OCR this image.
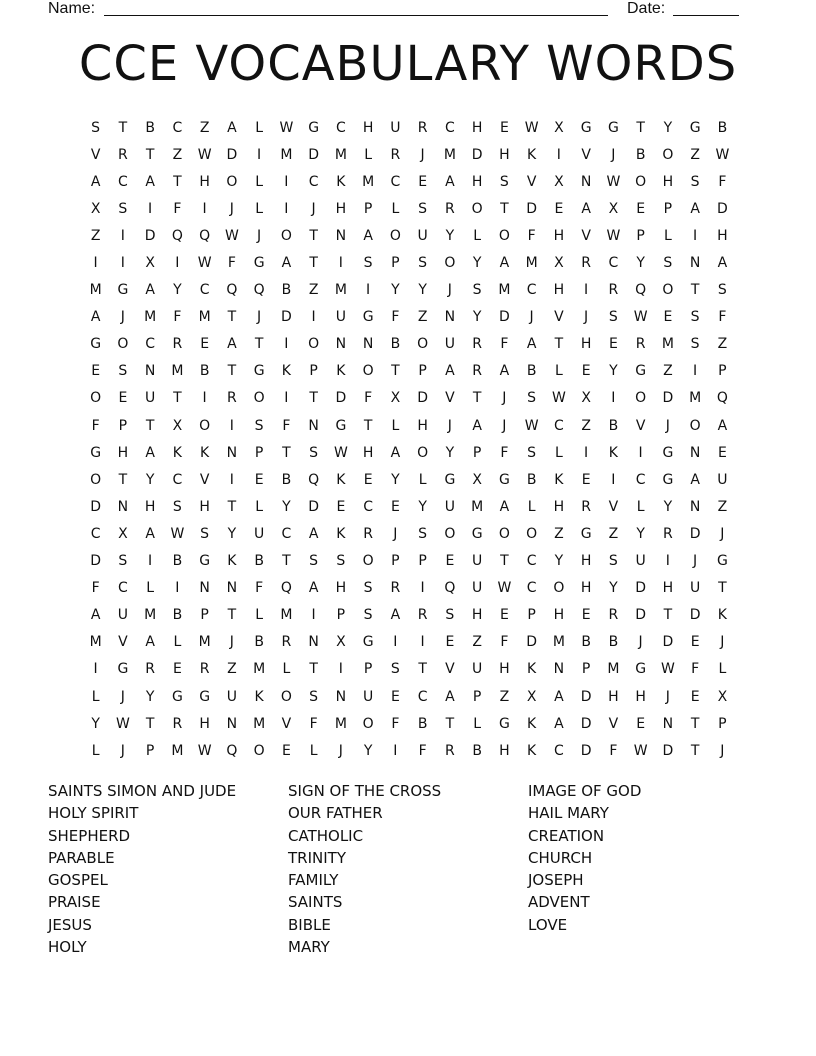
Name:	Date:
CCE VOCABULARY WORDS
S	T	B	C	Z	A	L	W	G	C	H	U	R	C	H	E	W	X	G	G	T	Y	G	B
V	R	T	Z	W	D	I	M	D	M	L	R	J	M	D	H	K	I	V	J	B	O	Z	W
A	C	A	T	H	O	L	I	C	K	M	C	E	A	H	S	V	X	N	W	O	H	S	F
X	S	I	F	I	J	L	I	J	H	P	L	S	R	O	T	D	E	A	X	E	P	A	D
Z	I	D	Q	Q	W	J	O	T	N	A	O	U	Y	L	O	F	H	V	W	P	L	I	H
I	I	X	I	W	F	G	A	T	I	S	P	S	O	Y	A	M	X	R	C	Y	S	N	A
M	G	A	Y	C	Q	Q	B	Z	M	I	Y	Y	J	S	M	C	H	I	R	Q	O	T	S
A	J	M	F	M	T	J	D	I	U	G	F	Z	N	Y	D	J	V	J	S	W	E	S	F
G	O	C	R	E	A	T	I	O	N	N	B	O	U	R	F	A	T	H	E	R	M	S	Z
E	S	N	M	B	T	G	K	P	K	O	T	P	A	R	A	B	L	E	Y	G	Z	I	P
O	E	U	T	I	R	O	I	T	D	F	X	D	V	T	J	S	W	X	I	O	D	M	Q
F	P	T	X	O	I	S	F	N	G	T	L	H	J	A	J	W	C	Z	B	V	J	O	A
G	H	A	K	K	N	P	T	S	W	H	A	O	Y	P	F	S	L	I	K	I	G	N	E
O	T	Y	C	V	I	E	B	Q	K	E	Y	L	G	X	G	B	K	E	I	C	G	A	U
D	N	H	S	H	T	L	Y	D	E	C	E	Y	U	M	A	L	H	R	V	L	Y	N	Z
C	X	A	W	S	Y	U	C	A	K	R	J	S	O	G	O	O	Z	G	Z	Y	R	D	J
D	S	I	B	G	K	B	T	S	S	O	P	P	E	U	T	C	Y	H	S	U	I	J	G
F	C	L	I	N	N	F	Q	A	H	S	R	I	Q	U	W	C	O	H	Y	D	H	U	T
A	U	M	B	P	T	L	M	I	P	S	A	R	S	H	E	P	H	E	R	D	T	D	K
M	V	A	L	M	J	B	R	N	X	G	I	I	E	Z	F	D	M	B	B	J	D	E	J
I	G	R	E	R	Z	M	L	T	I	P	S	T	V	U	H	K	N	P	M	G	W	F	L
L	J	Y	G	G	U	K	O	S	N	U	E	C	A	P	Z	X	A	D	H	H	J	E	X
Y	W	T	R	H	N	M	V	F	M	O	F	B	T	L	G	K	A	D	V	E	N	T	P
L	J	P	M	W	Q	O	E	L	J	Y	I	F	R	B	H	K	C	D	F	W	D	T	J
SAINTS SIMON AND JUDE
HOLY SPIRIT
SHEPHERD
PARABLE
GOSPEL
PRAISE
JESUS
HOLY
SIGN OF THE CROSS
OUR FATHER
CATHOLIC
TRINITY
FAMILY
SAINTS
BIBLE
MARY
IMAGE OF GOD
HAIL MARY
CREATION
CHURCH
JOSEPH
ADVENT
LOVE
